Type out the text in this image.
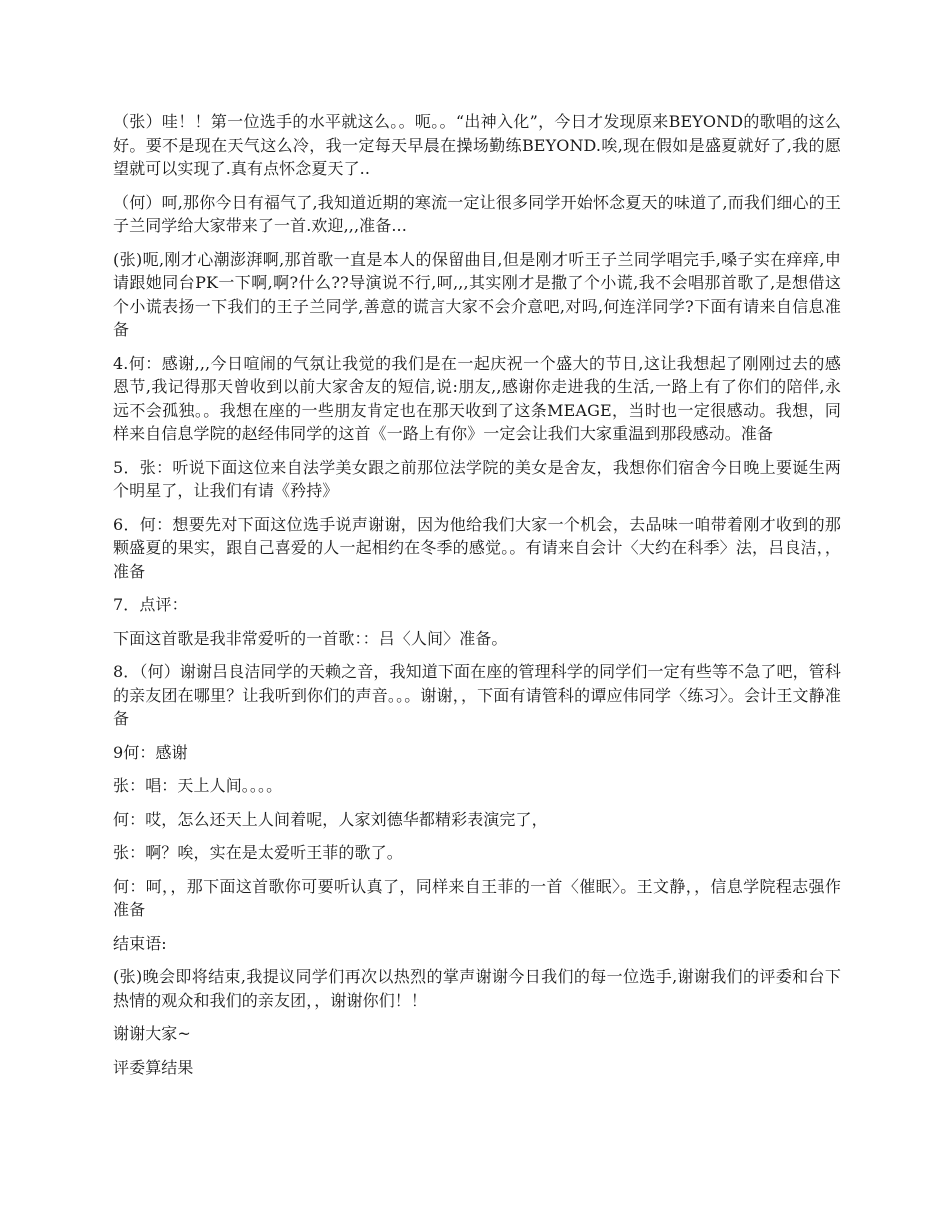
（张）哇！！第一位选手的水平就这么。。呃。。“出神入化”，今日才发现原来BEYOND的歌唱的这么好。要不是现在天气这么冷，我一定每天早晨在操场勤练BEYOND.唉,现在假如是盛夏就好了,我的愿望就可以实现了.真有点怀念夏天了..

（何）呵,那你今日有福气了,我知道近期的寒流一定让很多同学开始怀念夏天的味道了,而我们细心的王子兰同学给大家带来了一首.欢迎,,,准备...

(张)呃,刚才心潮澎湃啊,那首歌一直是本人的保留曲目,但是刚才听王子兰同学唱完手,嗓子实在痒痒,申请跟她同台PK一下啊,啊?什么??导演说不行,呵,,,其实刚才是撒了个小谎,我不会唱那首歌了,是想借这个小谎表扬一下我们的王子兰同学,善意的谎言大家不会介意吧,对吗,何连洋同学?下面有请来自信息准备

4.何：感谢,,,今日喧闹的气氛让我觉的我们是在一起庆祝一个盛大的节日,这让我想起了刚刚过去的感恩节,我记得那天曾收到以前大家舍友的短信,说:朋友,,感谢你走进我的生活,一路上有了你们的陪伴,永远不会孤独。。我想在座的一些朋友肯定也在那天收到了这条MEAGE，当时也一定很感动。我想，同样来自信息学院的赵经伟同学的这首《一路上有你》一定会让我们大家重温到那段感动。准备

5．张：听说下面这位来自法学美女跟之前那位法学院的美女是舍友，我想你们宿舍今日晚上要诞生两个明星了，让我们有请《矜持》

6．何：想要先对下面这位选手说声谢谢，因为他给我们大家一个机会，去品味一咱带着刚才收到的那颗盛夏的果实，跟自己喜爱的人一起相约在冬季的感觉。。有请来自会计〈大约在科季〉法，吕良洁，，准备

7．点评：

下面这首歌是我非常爱听的一首歌：：吕〈人间〉准备。

8．（何）谢谢吕良洁同学的天赖之音，我知道下面在座的管理科学的同学们一定有些等不急了吧，管科的亲友团在哪里？让我听到你们的声音。。。谢谢，，下面有请管科的谭应伟同学〈练习〉。会计王文静准备

9何：感谢

张：唱：天上人间。。。。

何：哎，怎么还天上人间着呢，人家刘德华都精彩表演完了，

张：啊？唉，实在是太爱听王菲的歌了。

何：呵，，那下面这首歌你可要听认真了，同样来自王菲的一首〈催眠〉。王文静，，信息学院程志强作准备

结束语:

(张)晚会即将结束,我提议同学们再次以热烈的掌声谢谢今日我们的每一位选手,谢谢我们的评委和台下热情的观众和我们的亲友团，，谢谢你们！！

谢谢大家~

评委算结果
